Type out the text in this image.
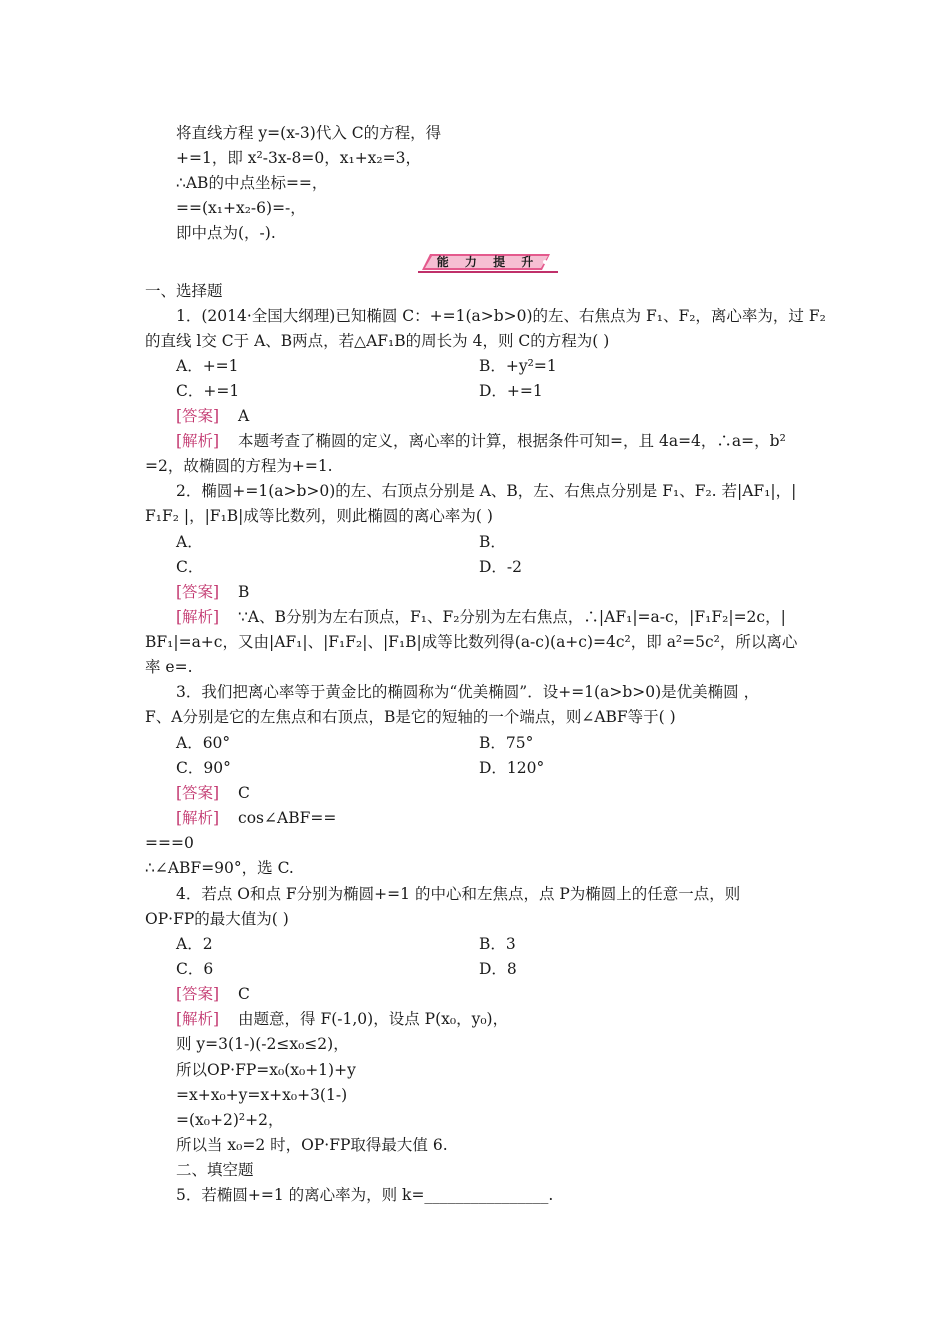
将直线方程 y=(x-3)代入 C的方程，得
+=1，即 x²-3x-8=0，x₁+x₂=3，
∴AB的中点坐标==，
==(x₁+x₂-6)=-，
即中点为(，-).
能 力 提 升
一、选择题
1．(2014·全国大纲理)已知椭圆 C：+=1(a>b>0)的左、右焦点为 F₁、F₂，离心率为，过 F₂
的直线 l交 C于 A、B两点，若△AF₁B的周长为 4，则 C的方程为( )
A．+=1	B．+y²=1
C．+=1	D．+=1
[答案] A
[解析] 本题考查了椭圆的定义，离心率的计算，根据条件可知=，且 4a=4，∴a=，b²
=2，故椭圆的方程为+=1.
2．椭圆+=1(a>b>0)的左、右顶点分别是 A、B，左、右焦点分别是 F₁、F₂. 若|AF₁|，|
F₁F₂ |，|F₁B|成等比数列，则此椭圆的离心率为( )
A．	B．
C．	D．-2
[答案] B
[解析] ∵A、B分别为左右顶点，F₁、F₂分别为左右焦点，∴|AF₁|=a-c，|F₁F₂|=2c，|
BF₁|=a+c，又由|AF₁|、|F₁F₂|、|F₁B|成等比数列得(a-c)(a+c)=4c²，即 a²=5c²，所以离心
率 e=.
3．我们把离心率等于黄金比的椭圆称为“优美椭圆”．设+=1(a>b>0)是优美椭圆 ，
F、A分别是它的左焦点和右顶点，B是它的短轴的一个端点，则∠ABF等于( )
A．60°	B．75°
C．90°	D．120°
[答案] C
[解析] cos∠ABF==
===0
∴∠ABF=90°，选 C.
4．若点 O和点 F分别为椭圆+=1 的中心和左焦点，点 P为椭圆上的任意一点，则
OP·FP的最大值为( )
A．2	B．3
C．6	D．8
[答案] C
[解析] 由题意，得 F(-1,0)，设点 P(x₀，y₀)，
则 y=3(1-)(-2≤x₀≤2)，
所以OP·FP=x₀(x₀+1)+y
=x+x₀+y=x+x₀+3(1-)
=(x₀+2)²+2，
所以当 x₀=2 时，OP·FP取得最大值 6.
二、填空题
5．若椭圆+=1 的离心率为，则 k=________________.
